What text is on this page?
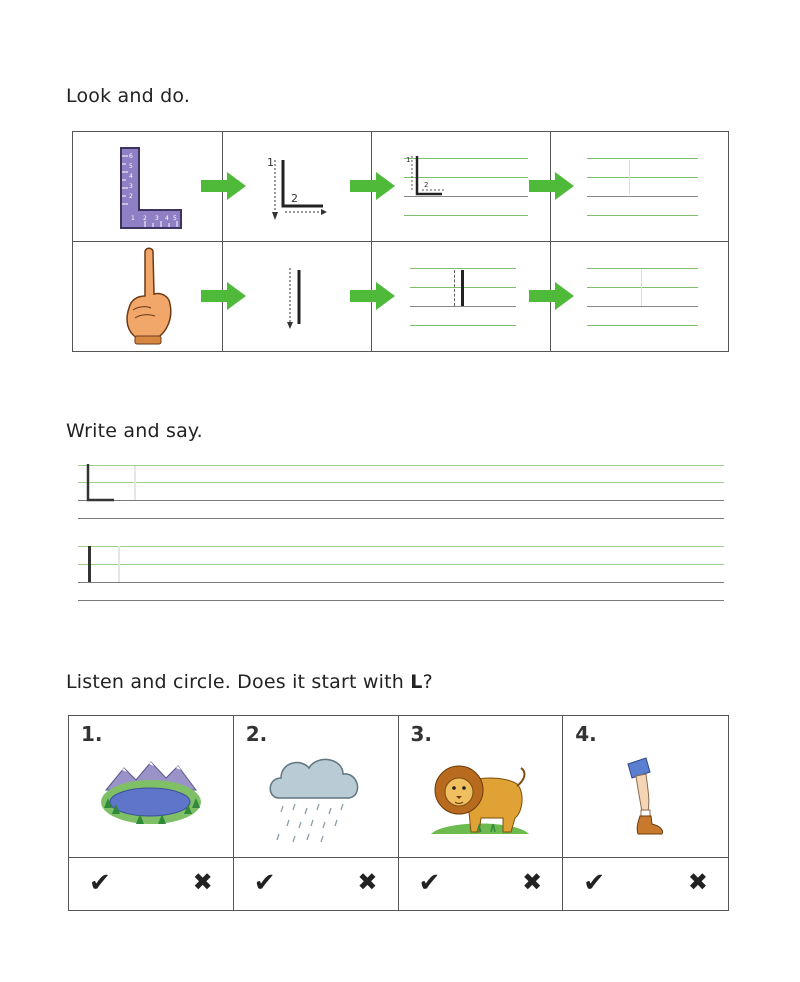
Look and do.
6
5
4
3
2
1 2 3 4 5
1
2
1
2
Write and say.
Listen and circle. Does it start with L?
1.	2.	3.	4.
✔	✖ ✔	✖ ✔	✖ ✔	✖
